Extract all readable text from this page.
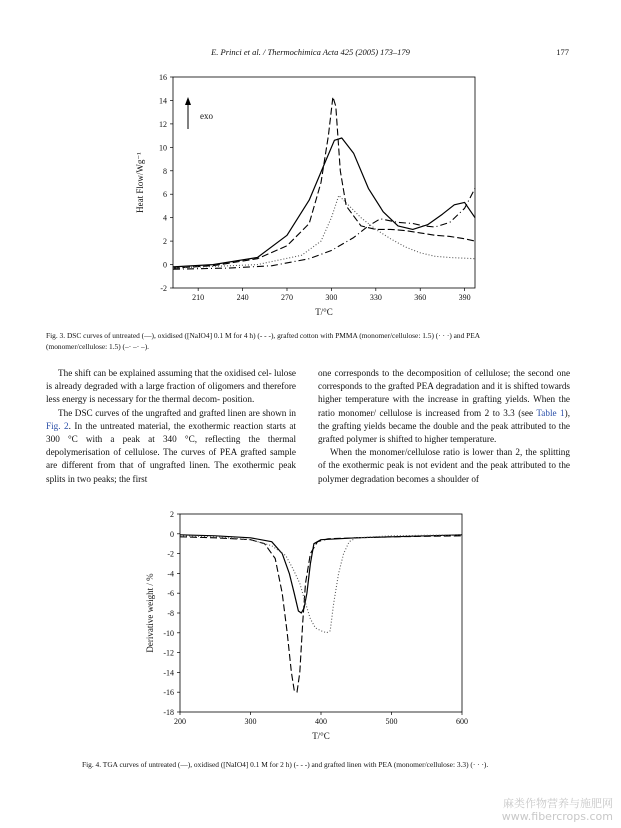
E. Princi et al. / Thermochimica Acta 425 (2005) 173–179	177
210	240	270	300	330	360	390
-2
0
2
4
6
8
10
12
14
16
T/°C
Heat Flow/Wg⁻¹
exo
Fig. 3. DSC curves of untreated (—), oxidised ([NaIO4] 0.1 M for 4 h) (- - -), grafted cotton with PMMA (monomer/cellulose: 1.5) (· · ·) and PEA
(monomer/cellulose: 1.5) (–· –· –).

The shift can be explained assuming that the oxidised cel- lulose is already degraded with a large fraction of oligomers and therefore less energy is necessary for the thermal decom- position.

The DSC curves of the ungrafted and grafted linen are shown in Fig. 2. In the untreated material, the exothermic reaction starts at 300 °C with a peak at 340 °C, reflecting the thermal depolymerisation of cellulose. The curves of PEA grafted sample are different from that of ungrafted linen. The exothermic peak splits in two peaks; the first

one corresponds to the decomposition of cellulose; the second one corresponds to the grafted PEA degradation and it is shifted towards higher temperature with the increase in grafting yields. When the ratio monomer/ cellulose is increased from 2 to 3.3 (see Table 1), the grafting yields became the double and the peak attributed to the grafted polymer is shifted to higher temperature.

When the monomer/cellulose ratio is lower than 2, the splitting of the exothermic peak is not evident and the peak attributed to the polymer degradation becomes a shoulder of

200	300	400	500	600
-18
-16
-14
-12
-10
-8
-6
-4
-2
0
2
T/°C
Derivative weight / %
Fig. 4. TGA curves of untreated (—), oxidised ([NaIO4] 0.1 M for 2 h) (- - -) and grafted linen with PEA (monomer/cellulose: 3.3) (· · ·).
麻类作物营养与施肥网
www.fibercrops.com
